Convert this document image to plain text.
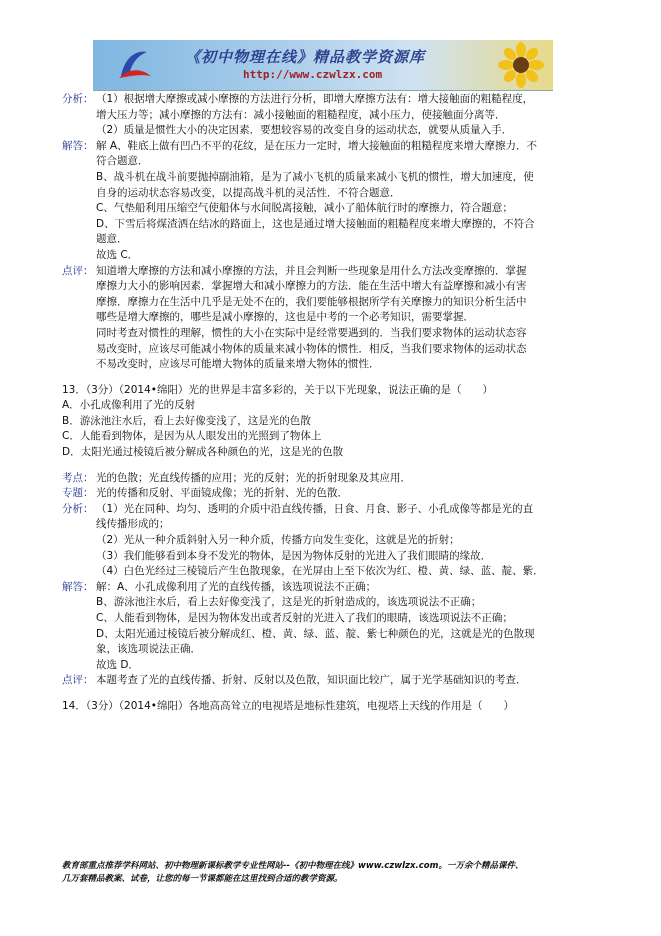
《初中物理在线》精品教学资源库
http://www.czwlzx.com
分析： （1）根据增大摩擦或减小摩擦的方法进行分析，即增大摩擦方法有：增大接触面的粗糙程度，

增大压力等；减小摩擦的方法有：减小接触面的粗糙程度，减小压力，使接触面分离等．

（2）质量是惯性大小的决定因素．要想较容易的改变自身的运动状态，就要从质量入手．

解答： 解 A、鞋底上做有凹凸不平的花纹，是在压力一定时，增大接触面的粗糙程度来增大摩擦力．不

符合题意．

B、战斗机在战斗前要抛掉副油箱，是为了减小飞机的质量来减小飞机的惯性，增大加速度，使

自身的运动状态容易改变，以提高战斗机的灵活性．不符合题意．

C、气垫船利用压缩空气使船体与水间脱离接触，减小了船体航行时的摩擦力，符合题意；

D、下雪后将煤渣洒在结冰的路面上，这也是通过增大接触面的粗糙程度来增大摩擦的，不符合

题意．

故选 C．

点评： 知道增大摩擦的方法和减小摩擦的方法，并且会判断一些现象是用什么方法改变摩擦的．掌握

摩擦力大小的影响因素．掌握增大和减小摩擦力的方法．能在生活中增大有益摩擦和减小有害

摩擦．摩擦力在生活中几乎是无处不在的，我们要能够根据所学有关摩擦力的知识分析生活中

哪些是增大摩擦的，哪些是减小摩擦的，这也是中考的一个必考知识，需要掌握．

同时考查对惯性的理解，惯性的大小在实际中是经常要遇到的．当我们要求物体的运动状态容

易改变时，应该尽可能减小物体的质量来减小物体的惯性．相反，当我们要求物体的运动状态

不易改变时，应该尽可能增大物体的质量来增大物体的惯性．

13．（3分）（2014•绵阳）光的世界是丰富多彩的，关于以下光现象，说法正确的是（　　）

A．小孔成像利用了光的反射

B．游泳池注水后，看上去好像变浅了，这是光的色散

C．人能看到物体，是因为从人眼发出的光照到了物体上

D．太阳光通过棱镜后被分解成各种颜色的光，这是光的色散

考点： 光的色散；光直线传播的应用；光的反射；光的折射现象及其应用．

专题： 光的传播和反射、平面镜成像；光的折射、光的色散．

分析： （1）光在同种、均匀、透明的介质中沿直线传播，日食、月食、影子、小孔成像等都是光的直

线传播形成的；

（2）光从一种介质斜射入另一种介质，传播方向发生变化，这就是光的折射；

（3）我们能够看到本身不发光的物体，是因为物体反射的光进入了我们眼睛的缘故．

（4）白色光经过三棱镜后产生色散现象，在光屏由上至下依次为红、橙、黄、绿、蓝、靛、紫．

解答： 解：A、小孔成像利用了光的直线传播，该选项说法不正确；

B、游泳池注水后，看上去好像变浅了，这是光的折射造成的，该选项说法不正确；

C、人能看到物体，是因为物体发出或者反射的光进入了我们的眼睛，该选项说法不正确；

D、太阳光通过棱镜后被分解成红、橙、黄、绿、蓝、靛、紫七种颜色的光，这就是光的色散现

象，该选项说法正确．

故选 D．

点评： 本题考查了光的直线传播、折射、反射以及色散，知识面比较广，属于光学基础知识的考查．

14．（3分）（2014•绵阳）各地高高耸立的电视塔是地标性建筑，电视塔上天线的作用是（　　）

教育部重点推荐学科网站、初中物理新课标教学专业性网站--《初中物理在线》www.czwlzx.com。一万余个精品课件、
几万套精品教案、试卷，让您的每一节课都能在这里找到合适的教学资源。
